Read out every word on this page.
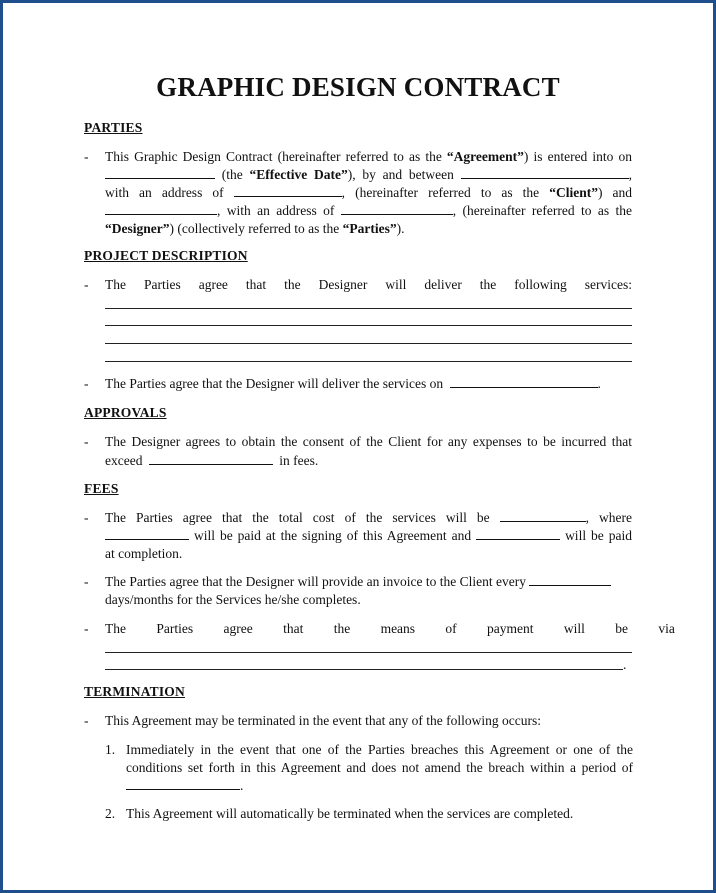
GRAPHIC DESIGN CONTRACT
PARTIES
- This Graphic Design Contract (hereinafter referred to as the “Agreement”) is entered into on
(the “Effective Date”), by and between	,
with an address of	, (hereinafter referred to as the “Client”) and
, with an address of	, (hereinafter referred to as the
“Designer”) (collectively referred to as the “Parties”).
PROJECT DESCRIPTION
- The Parties agree that the Designer will deliver the following services:
- The Parties agree that the Designer will deliver the services on	.
APPROVALS
- The Designer agrees to obtain the consent of the Client for any expenses to be incurred that
exceed	in fees.
FEES
- The Parties agree that the total cost of the services will be	, where
will be paid at the signing of this Agreement and	will be paid
at completion.
- The Parties agree that the Designer will provide an invoice to the Client every
days/months for the Services he/she completes.
- The Parties agree that the means of payment will be via
.
TERMINATION
- This Agreement may be terminated in the event that any of the following occurs:
1. Immediately in the event that one of the Parties breaches this Agreement or one of the
conditions set forth in this Agreement and does not amend the breach within a period of
.
2. This Agreement will automatically be terminated when the services are completed.
